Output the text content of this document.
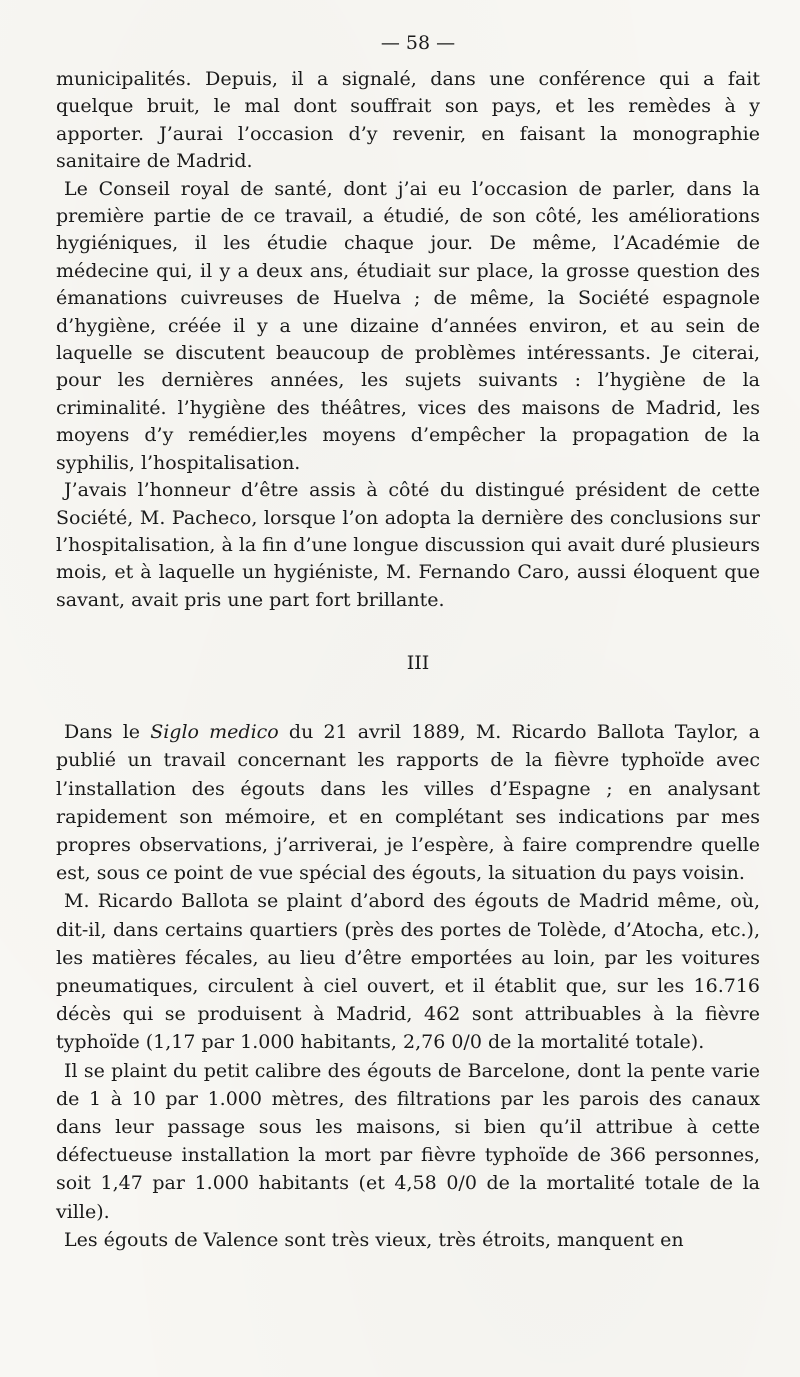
— 58 —

municipalités. Depuis, il a signalé, dans une conférence qui a fait quelque bruit, le mal dont souffrait son pays, et les remèdes à y apporter. J’aurai l’occasion d’y revenir, en faisant la monographie sanitaire de Madrid.

Le Conseil royal de santé, dont j’ai eu l’occasion de parler, dans la première partie de ce travail, a étudié, de son côté, les améliorations hygiéniques, il les étudie chaque jour. De même, l’Académie de médecine qui, il y a deux ans, étudiait sur place, la grosse question des émanations cuivreuses de Huelva ; de même, la Société espagnole d’hygiène, créée il y a une dizaine d’années environ, et au sein de laquelle se discutent beaucoup de problèmes intéressants. Je citerai, pour les dernières années, les sujets suivants : l’hygiène de la criminalité. l’hygiène des théâtres, vices des maisons de Madrid, les moyens d’y remédier,les moyens d’empêcher la propagation de la syphilis, l’hospitalisation.

J’avais l’honneur d’être assis à côté du distingué président de cette Société, M. Pacheco, lorsque l’on adopta la dernière des conclusions sur l’hospitalisation, à la fin d’une longue discussion qui avait duré plusieurs mois, et à laquelle un hygiéniste, M. Fernando Caro, aussi éloquent que savant, avait pris une part fort brillante.

III

Dans le Siglo medico du 21 avril 1889, M. Ricardo Ballota Taylor, a publié un travail concernant les rapports de la fièvre typhoïde avec l’installation des égouts dans les villes d’Espagne ; en analysant rapidement son mémoire, et en complétant ses indications par mes propres observations, j’arriverai, je l’espère, à faire comprendre quelle est, sous ce point de vue spécial des égouts, la situation du pays voisin.

M. Ricardo Ballota se plaint d’abord des égouts de Madrid même, où, dit-il, dans certains quartiers (près des portes de Tolède, d’Atocha, etc.), les matières fécales, au lieu d’être emportées au loin, par les voitures pneumatiques, circulent à ciel ouvert, et il établit que, sur les 16.716 décès qui se produisent à Madrid, 462 sont attribuables à la fièvre typhoïde (1,17 par 1.000 habitants, 2,76 0/0 de la mortalité totale).

Il se plaint du petit calibre des égouts de Barcelone, dont la pente varie de 1 à 10 par 1.000 mètres, des filtrations par les parois des canaux dans leur passage sous les maisons, si bien qu’il attribue à cette défectueuse installation la mort par fièvre typhoïde de 366 personnes, soit 1,47 par 1.000 habitants (et 4,58 0/0 de la mortalité totale de la ville).

Les égouts de Valence sont très vieux, très étroits, manquent en
